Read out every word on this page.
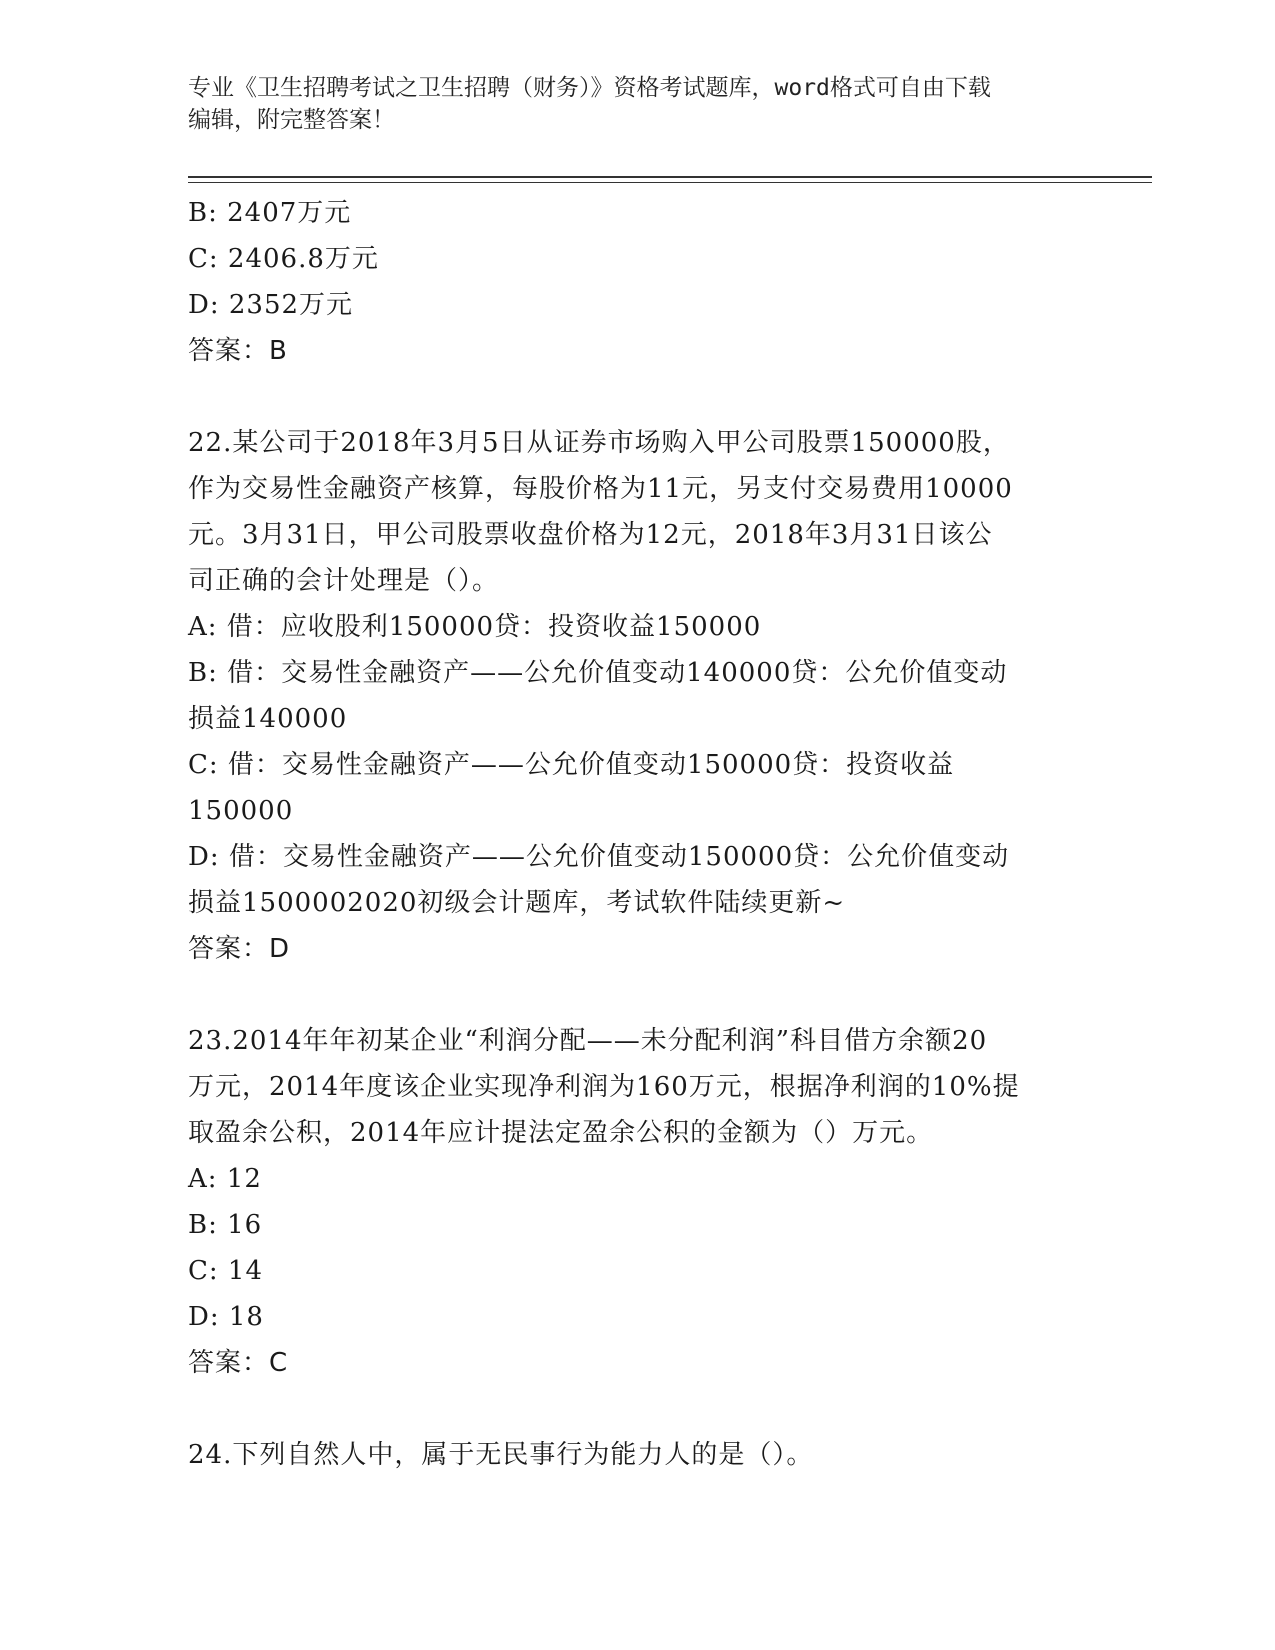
专业《卫生招聘考试之卫生招聘（财务）》资格考试题库，word格式可自由下载
编辑，附完整答案！
B: 2407万元
C: 2406.8万元
D: 2352万元
答案：B
22.某公司于2018年3月5日从证券市场购入甲公司股票150000股，
作为交易性金融资产核算，每股价格为11元，另支付交易费用10000
元。3月31日，甲公司股票收盘价格为12元，2018年3月31日该公
司正确的会计处理是（）。
A: 借：应收股利150000贷：投资收益150000
B: 借：交易性金融资产——公允价值变动140000贷：公允价值变动
损益140000
C: 借：交易性金融资产——公允价值变动150000贷：投资收益
150000
D: 借：交易性金融资产——公允价值变动150000贷：公允价值变动
损益1500002020初级会计题库，考试软件陆续更新~
答案：D
23.2014年年初某企业“利润分配——未分配利润”科目借方余额20
万元，2014年度该企业实现净利润为160万元，根据净利润的10%提
取盈余公积，2014年应计提法定盈余公积的金额为（）万元。
A: 12
B: 16
C: 14
D: 18
答案：C
24.下列自然人中，属于无民事行为能力人的是（）。
